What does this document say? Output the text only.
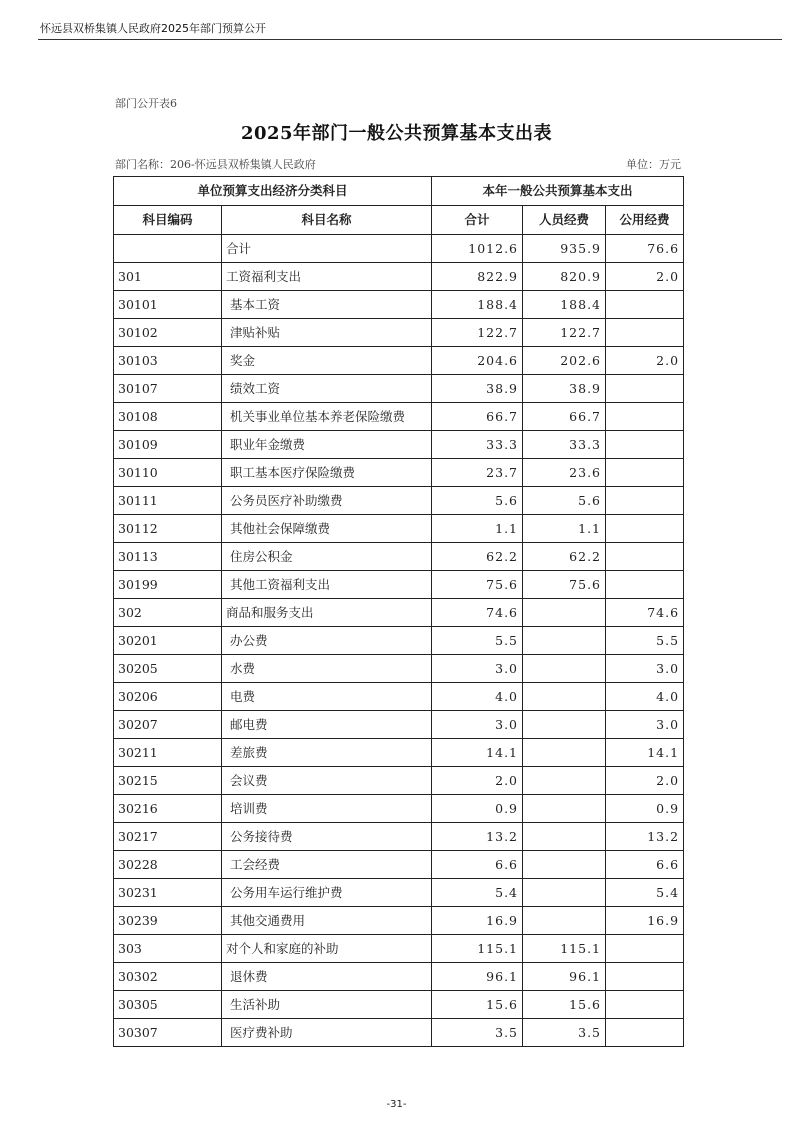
怀远县双桥集镇人民政府2025年部门预算公开
部门公开表6
2025年部门一般公共预算基本支出表
部门名称：206-怀远县双桥集镇人民政府	单位：万元
单位预算支出经济分类科目		本年一般公共预算基本支出		
科目编码	科目名称	合计	人员经费	公用经费
	合计	1012.6	935.9	76.6
301	工资福利支出	822.9	820.9	2.0
30101	基本工资	188.4	188.4	
30102	津贴补贴	122.7	122.7	
30103	奖金	204.6	202.6	2.0
30107	绩效工资	38.9	38.9	
30108	机关事业单位基本养老保险缴费	66.7	66.7	
30109	职业年金缴费	33.3	33.3	
30110	职工基本医疗保险缴费	23.7	23.6	
30111	公务员医疗补助缴费	5.6	5.6	
30112	其他社会保障缴费	1.1	1.1	
30113	住房公积金	62.2	62.2	
30199	其他工资福利支出	75.6	75.6	
302	商品和服务支出	74.6		74.6
30201	办公费	5.5		5.5
30205	水费	3.0		3.0
30206	电费	4.0		4.0
30207	邮电费	3.0		3.0
30211	差旅费	14.1		14.1
30215	会议费	2.0		2.0
30216	培训费	0.9		0.9
30217	公务接待费	13.2		13.2
30228	工会经费	6.6		6.6
30231	公务用车运行维护费	5.4		5.4
30239	其他交通费用	16.9		16.9
303	对个人和家庭的补助	115.1	115.1	
30302	退休费	96.1	96.1	
30305	生活补助	15.6	15.6	
30307	医疗费补助	3.5	3.5	
-31-
